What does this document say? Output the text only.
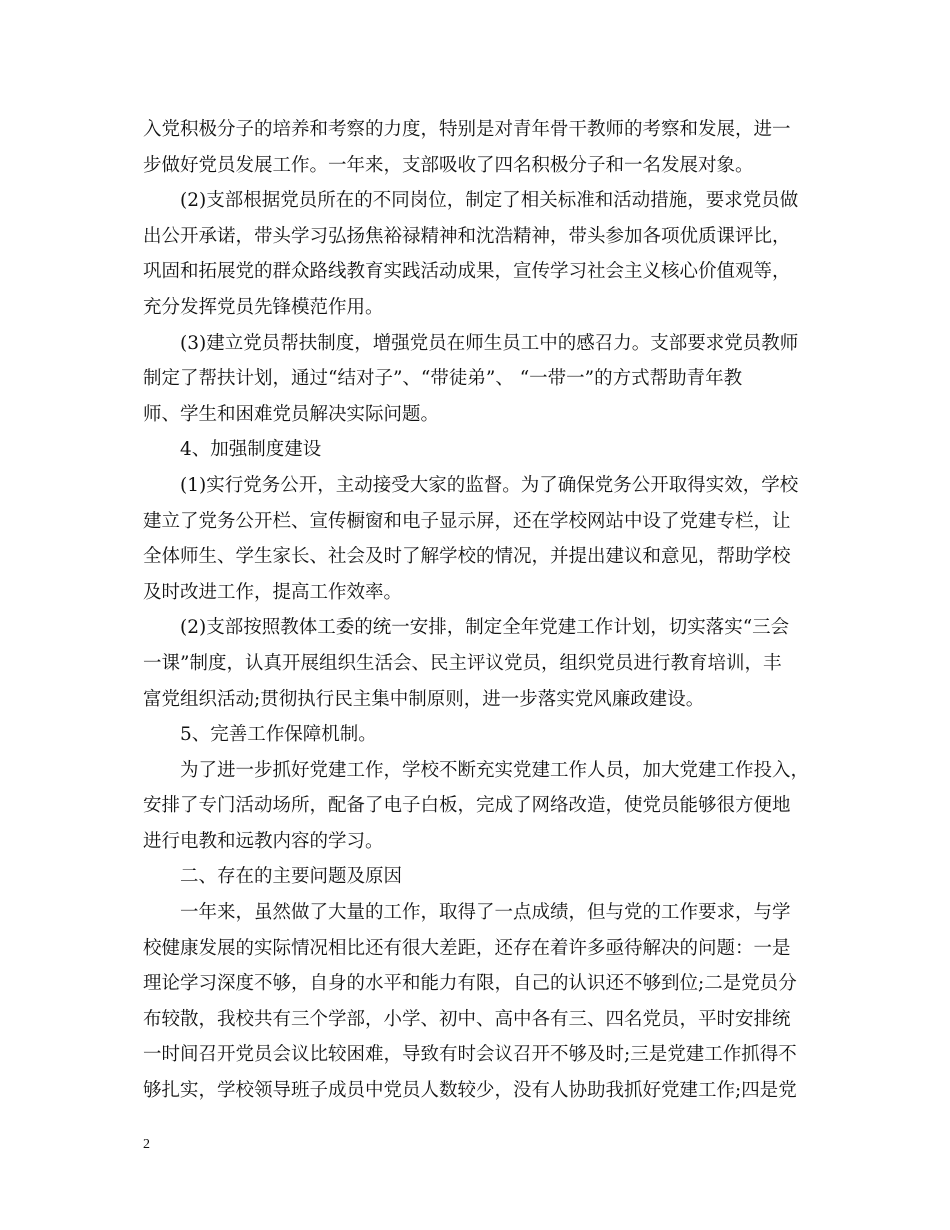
入党积极分子的培养和考察的力度，特别是对青年骨干教师的考察和发展，进一
步做好党员发展工作。一年来，支部吸收了四名积极分子和一名发展对象。
(2)支部根据党员所在的不同岗位，制定了相关标准和活动措施，要求党员做
出公开承诺，带头学习弘扬焦裕禄精神和沈浩精神，带头参加各项优质课评比，
巩固和拓展党的群众路线教育实践活动成果，宣传学习社会主义核心价值观等，
充分发挥党员先锋模范作用。
(3)建立党员帮扶制度，增强党员在师生员工中的感召力。支部要求党员教师
制定了帮扶计划，通过“结对子”、“带徒弟”、 “一带一”的方式帮助青年教
师、学生和困难党员解决实际问题。
4、加强制度建设
(1)实行党务公开，主动接受大家的监督。为了确保党务公开取得实效，学校
建立了党务公开栏、宣传橱窗和电子显示屏，还在学校网站中设了党建专栏，让
全体师生、学生家长、社会及时了解学校的情况，并提出建议和意见，帮助学校
及时改进工作，提高工作效率。
(2)支部按照教体工委的统一安排，制定全年党建工作计划，切实落实“三会
一课”制度，认真开展组织生活会、民主评议党员，组织党员进行教育培训，丰
富党组织活动;贯彻执行民主集中制原则，进一步落实党风廉政建设。
5、完善工作保障机制。
为了进一步抓好党建工作，学校不断充实党建工作人员，加大党建工作投入，
安排了专门活动场所，配备了电子白板，完成了网络改造，使党员能够很方便地
进行电教和远教内容的学习。
二、存在的主要问题及原因
一年来，虽然做了大量的工作，取得了一点成绩，但与党的工作要求，与学
校健康发展的实际情况相比还有很大差距，还存在着许多亟待解决的问题：一是
理论学习深度不够，自身的水平和能力有限，自己的认识还不够到位;二是党员分
布较散，我校共有三个学部，小学、初中、高中各有三、四名党员，平时安排统
一时间召开党员会议比较困难，导致有时会议召开不够及时;三是党建工作抓得不
够扎实，学校领导班子成员中党员人数较少，没有人协助我抓好党建工作;四是党
2
